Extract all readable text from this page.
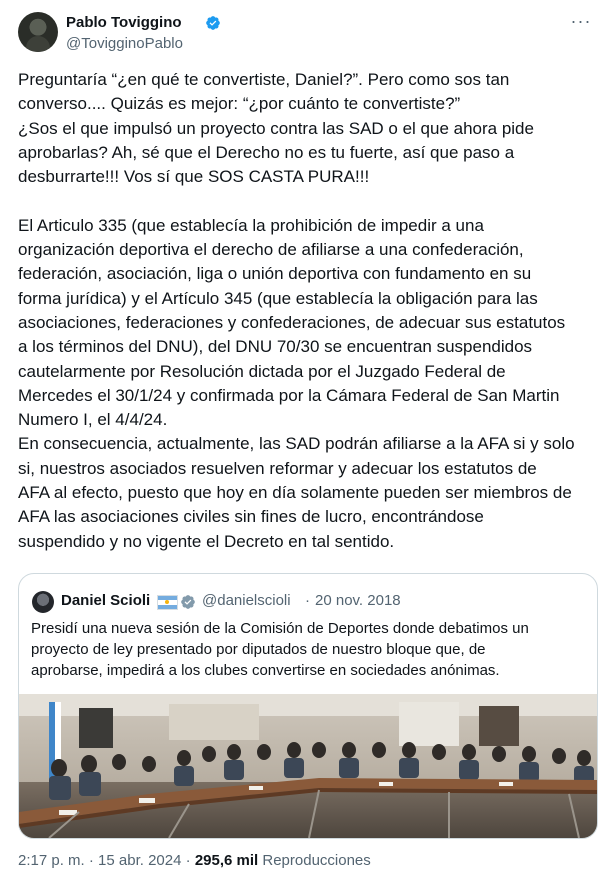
Pablo Toviggino
@TovigginoPablo
···

Preguntaría “¿en qué te convertiste, Daniel?”. Pero como sos tan
converso.... Quizás es mejor: “¿por cuánto te convertiste?”
¿Sos el que impulsó un proyecto contra las SAD o el que ahora pide
aprobarlas? Ah, sé que el Derecho no es tu fuerte, así que paso a
desburrarte!!! Vos sí que SOS CASTA PURA!!!

El Articulo 335 (que establecía la prohibición de impedir a una
organización deportiva el derecho de afiliarse a una confederación,
federación, asociación, liga o unión deportiva con fundamento en su
forma jurídica) y el Artículo 345 (que establecía la obligación para las
asociaciones, federaciones y confederaciones, de adecuar sus estatutos
a los términos del DNU), del DNU 70/30 se encuentran suspendidos
cautelarmente por Resolución dictada por el Juzgado Federal de
Mercedes el 30/1/24 y confirmada por la Cámara Federal de San Martin
Numero I, el 4/4/24.
En consecuencia, actualmente, las SAD podrán afiliarse a la AFA si y solo
si, nuestros asociados resuelven reformar y adecuar los estatutos de
AFA al efecto, puesto que hoy en día solamente pueden ser miembros de
AFA las asociaciones civiles sin fines de lucro, encontrándose
suspendido y no vigente el Decreto en tal sentido.

Daniel Scioli	@danielscioli · 20 nov. 2018

Presidí una nueva sesión de la Comisión de Deportes donde debatimos un
proyecto de ley presentado por diputados de nuestro bloque que, de
aprobarse, impedirá a los clubes convertirse en sociedades anónimas.

2:17 p. m. · 15 abr. 2024 · 295,6 mil Reproducciones
